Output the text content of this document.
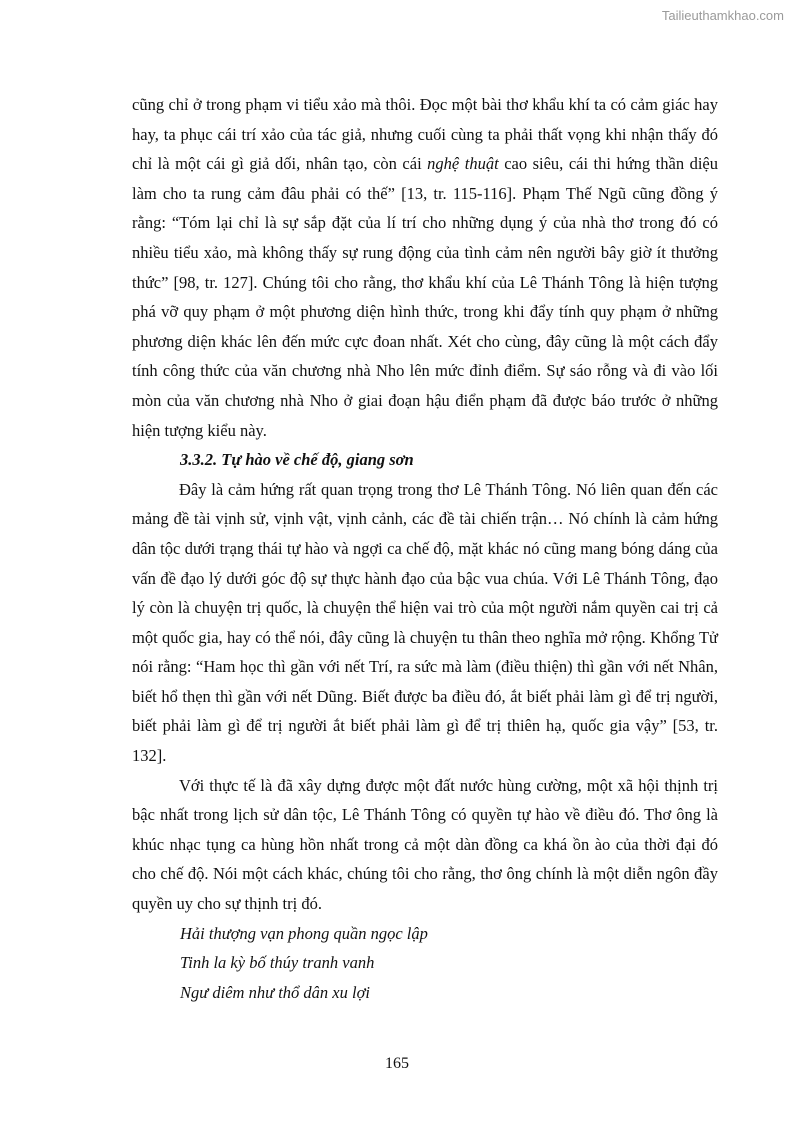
Tailieuthamkhao.com

cũng chỉ ở trong phạm vi tiểu xảo mà thôi. Đọc một bài thơ khẩu khí ta có cảm giác hay hay, ta phục cái trí xảo của tác giả, nhưng cuối cùng ta phải thất vọng khi nhận thấy đó chỉ là một cái gì giả dối, nhân tạo, còn cái nghệ thuật cao siêu, cái thi hứng thần diệu làm cho ta rung cảm đâu phải có thế” [13, tr. 115-116]. Phạm Thế Ngũ cũng đồng ý rằng: “Tóm lại chỉ là sự sắp đặt của lí trí cho những dụng ý của nhà thơ trong đó có nhiều tiểu xảo, mà không thấy sự rung động của tình cảm nên người bây giờ ít thưởng thức” [98, tr. 127]. Chúng tôi cho rằng, thơ khẩu khí của Lê Thánh Tông là hiện tượng phá vỡ quy phạm ở một phương diện hình thức, trong khi đẩy tính quy phạm ở những phương diện khác lên đến mức cực đoan nhất. Xét cho cùng, đây cũng là một cách đẩy tính công thức của văn chương nhà Nho lên mức đỉnh điểm. Sự sáo rỗng và đi vào lối mòn của văn chương nhà Nho ở giai đoạn hậu điển phạm đã được báo trước ở những hiện tượng kiểu này.

3.3.2. Tự hào về chế độ, giang sơn

Đây là cảm hứng rất quan trọng trong thơ Lê Thánh Tông. Nó liên quan đến các mảng đề tài vịnh sử, vịnh vật, vịnh cảnh, các đề tài chiến trận… Nó chính là cảm hứng dân tộc dưới trạng thái tự hào và ngợi ca chế độ, mặt khác nó cũng mang bóng dáng của vấn đề đạo lý dưới góc độ sự thực hành đạo của bậc vua chúa. Với Lê Thánh Tông, đạo lý còn là chuyện trị quốc, là chuyện thể hiện vai trò của một người nắm quyền cai trị cả một quốc gia, hay có thể nói, đây cũng là chuyện tu thân theo nghĩa mở rộng. Khổng Tử nói rằng: “Ham học thì gần với nết Trí, ra sức mà làm (điều thiện) thì gần với nết Nhân, biết hổ thẹn thì gần với nết Dũng. Biết được ba điều đó, ắt biết phải làm gì để trị người, biết phải làm gì để trị người ắt biết phải làm gì để trị thiên hạ, quốc gia vậy” [53, tr. 132].

Với thực tế là đã xây dựng được một đất nước hùng cường, một xã hội thịnh trị bậc nhất trong lịch sử dân tộc, Lê Thánh Tông có quyền tự hào về điều đó. Thơ ông là khúc nhạc tụng ca hùng hồn nhất trong cả một dàn đồng ca khá ồn ào của thời đại đó cho chế độ. Nói một cách khác, chúng tôi cho rằng, thơ ông chính là một diễn ngôn đầy quyền uy cho sự thịnh trị đó.

Hải thượng vạn phong quần ngọc lập

Tinh la kỳ bố thúy tranh vanh

Ngư diêm như thổ dân xu lợi

165
